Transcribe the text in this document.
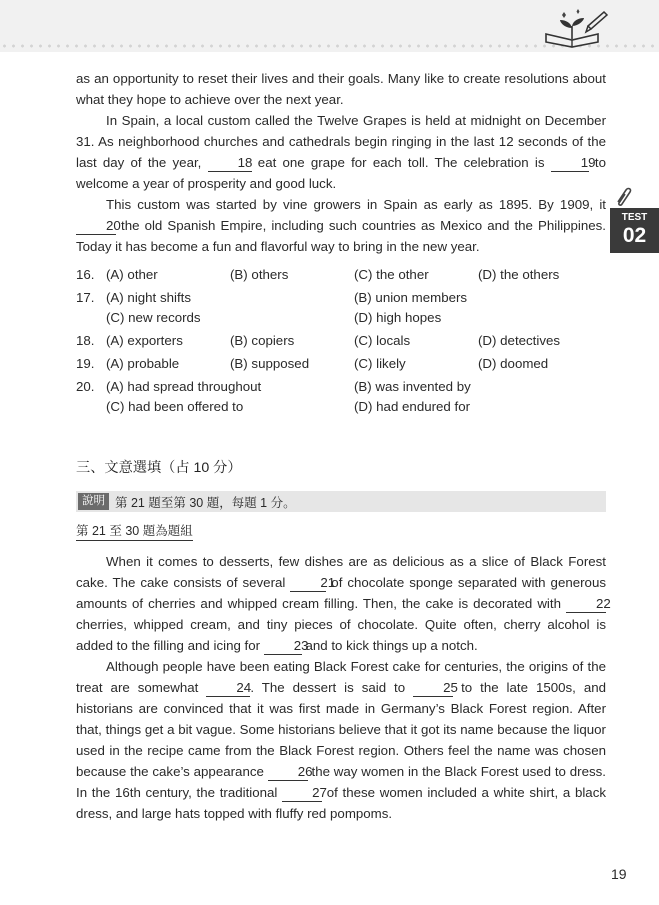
TEST
02

as an opportunity to reset their lives and their goals. Many like to create resolutions about what they hope to achieve over the next year.

In Spain, a local custom called the Twelve Grapes is held at midnight on December 31. As neighborhood churches and cathedrals begin ringing in the last 12 seconds of the last day of the year,	18 eat one grape for each toll. The celebration is	19 to welcome a year of prosperity and good luck.

This custom was started by vine growers in Spain as early as 1895. By 1909, it 20 the old Spanish Empire, including such countries as Mexico and the Philippines. Today it has become a fun and flavorful way to bring in the new year.

16. (A) other	(B) others	(C) the other	(D) the others
17. (A) night shifts	(B) union members
(C) new records	(D) high hopes
18. (A) exporters	(B) copiers	(C) locals	(D) detectives
19. (A) probable	(B) supposed	(C) likely	(D) doomed
20. (A) had spread throughout	(B) was invented by
(C) had been offered to	(D) had endured for
三、文意選填（占 10 分）
說明 第 21 題至第 30 題，每題 1 分。
第 21 至 30 題為題組

When it comes to desserts, few dishes are as delicious as a slice of Black Forest cake. The cake consists of several	21 of chocolate sponge separated with generous amounts of cherries and whipped cream filling. Then, the cake is decorated with	22 cherries, whipped cream, and tiny pieces of chocolate. Quite often, cherry alcohol is added to the filling and icing for	23 and to kick things up a notch.

Although people have been eating Black Forest cake for centuries, the origins of the treat are somewhat	24. The dessert is said to	25 to the late 1500s, and historians are convinced that it was first made in Germany’s Black Forest region. After that, things get a bit vague. Some historians believe that it got its name because the liquor used in the recipe came from the Black Forest region. Others feel the name was chosen because the cake’s appearance	26 the way women in the Black Forest used to dress. In the 16th century, the traditional	27 of these women included a white shirt, a black dress, and large hats topped with fluffy red pompoms.

19
